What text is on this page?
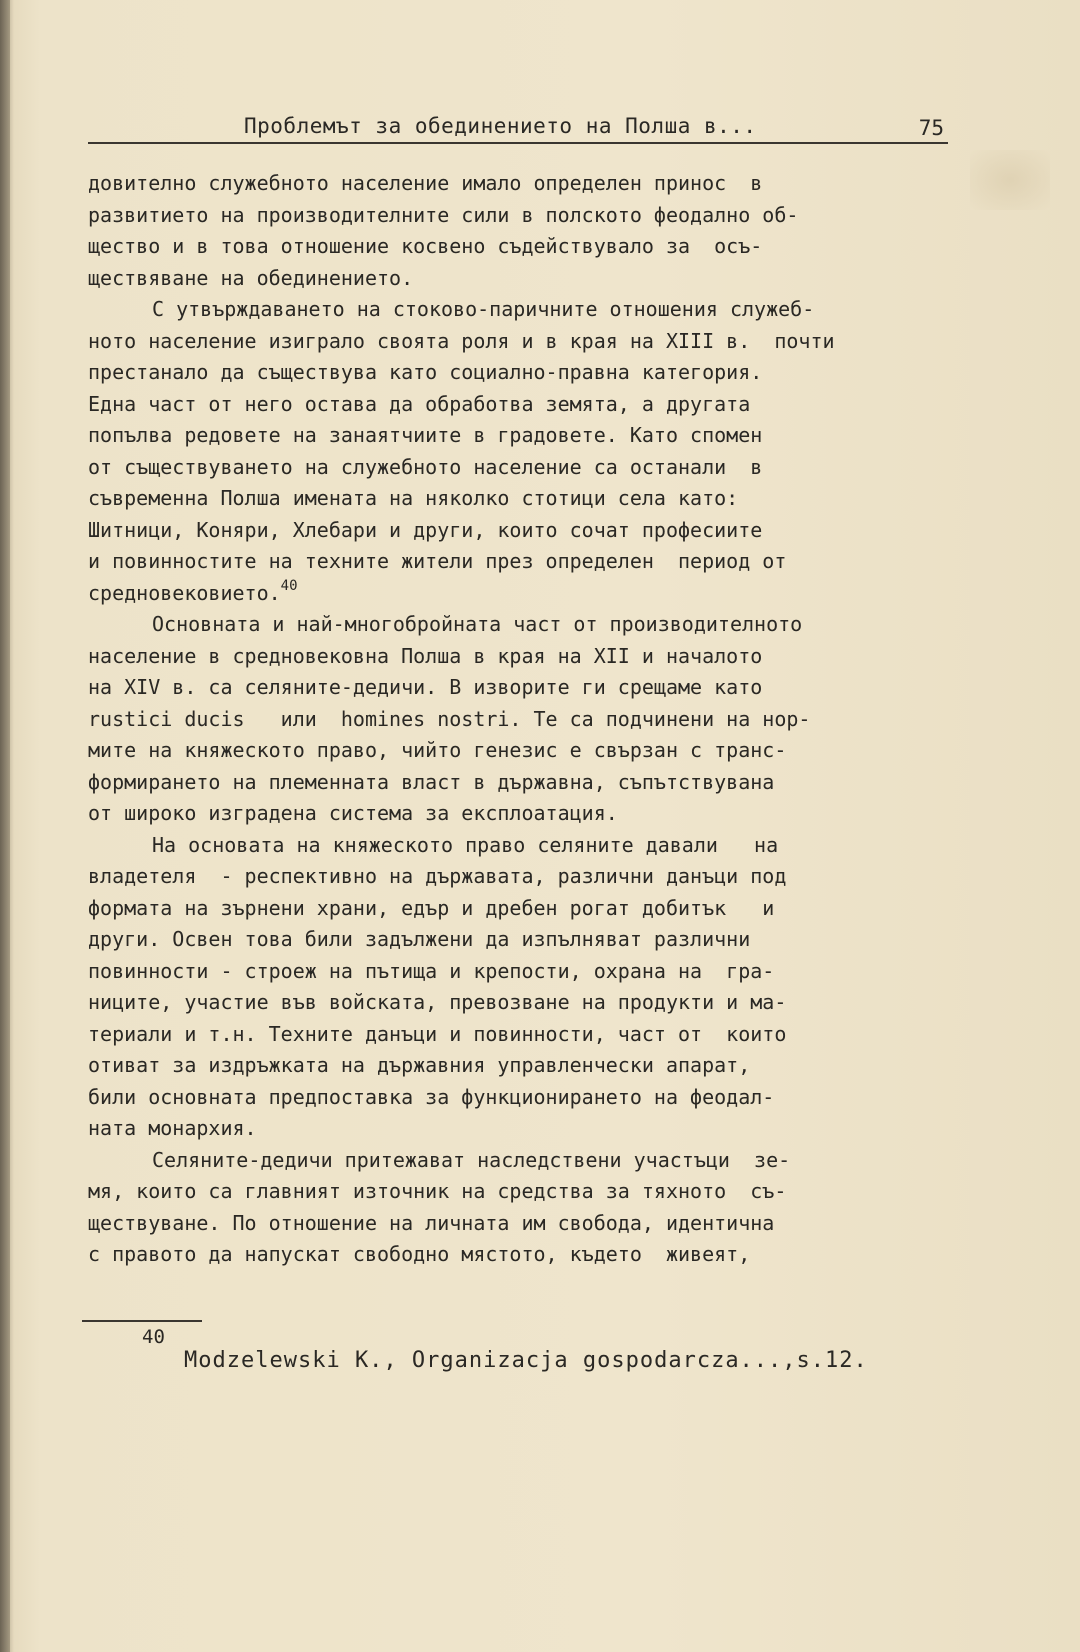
Проблемът за обединението на Полша в...	75
довително служебното население имало определен принос  в
развитието на производителните сили в полското феодално об-
щество и в това отношение косвено съдействувало за  осъ-
ществяване на обединението.
С утвърждаването на стоково-паричните отношения служеб-
ното население изиграло своята роля и в края на XIII в.  почти
престанало да съществува като социално-правна категория.
Една част от него остава да обработва земята, а другата
попълва редовете на занаятчиите в градовете. Като спомен
от съществуването на служебното население са останали  в
съвременна Полша имената на няколко стотици села като:
Шитници, Коняри, Хлебари и други, които сочат професиите
и повинностите на техните жители през определен  период от
средновековието.$^{40}$
Основната и най-многобройната част от производителното
население в средновековна Полша в края на XII и началото
на XIV в. са селяните-дедичи. В изворите ги срещаме като
rustici ducis   или  homines nostri. Те са подчинени на нор-
мите на княжеското право, чийто генезис е свързан с транс-
формирането на племенната власт в държавна, съпътствувана
от широко изградена система за експлоатация.
На основата на княжеското право селяните давали   на
владетеля  - респективно на държавата, различни данъци под
формата на зърнени храни, едър и дребен рогат добитък   и
други. Освен това били задължени да изпълняват различни
повинности - строеж на пътища и крепости, охрана на  гра-
ниците, участие във войската, превозване на продукти и ма-
териали и т.н. Техните данъци и повинности, част от  които
отиват за издръжката на държавния управленчески апарат,
били основната предпоставка за функционирането на феодал-
ната монархия.
Селяните-дедичи притежават наследствени участъци  зе-
мя, които са главният източник на средства за тяхното  съ-
ществуване. По отношение на личната им свобода, идентична
с правото да напускат свободно мястото, където  живеят,
40
Modzelewski K., Organizacja gospodarcza...,s.12.
